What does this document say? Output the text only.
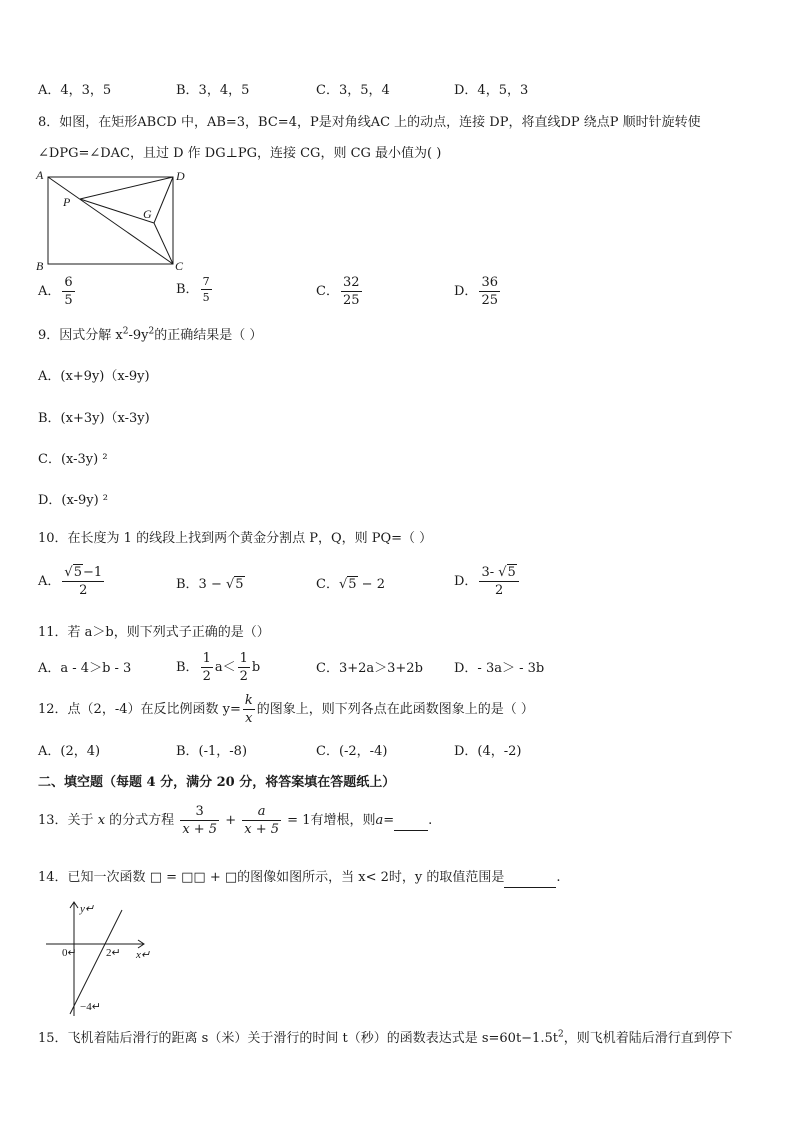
A．4，3，5	B．3，4，5	C．3，5，4	D．4，5，3
8．如图，在矩形ABCD 中，AB=3，BC=4，P是对角线AC 上的动点，连接 DP，将直线DP 绕点P 顺时针旋转使
∠DPG=∠DAC，且过 D 作 DG⊥PG，连接 CG，则 CG 最小值为( )
A	D
B	C
P
G
A． $\frac{6}{5}$	B． $\frac{7}{5}$	C． $\frac{32}{25}$	D． $\frac{36}{25}$
9．因式分解 $x^2-9y^2$的正确结果是（ ）
A．(x+9y)（x-9y)
B．(x+3y)（x-3y)
C．(x-3y) ²
D．(x-9y) ²
10．在长度为 1 的线段上找到两个黄金分割点 P，Q，则 PQ=（ ）
A． $\frac{√5-1}{2}$	B．3 − √5	C．√5 − 2	D． $\frac{3- √5}{2}$
11．若 a＞b，则下列式子正确的是（）
A．a - 4＞b - 3	B． $\frac{1}{2} a< \frac{1}{2}$ b	C．3+2a＞3+2b D．- 3a＞ - 3b
12．点（2，-4）在反比例函数 $y= \frac{k}{x}$ 的图象上，则下列各点在此函数图象上的是（ ）
A．(2，4)	B．(-1，-8)	C．(-2，-4)	D．(4，-2)
二、填空题（每题 4 分，满分 20 分，将答案填在答题纸上）
13．关于 x 的分式方程 $\frac{3}{x + 5} + \frac{a}{x + 5} = 1$有增根，则a=	.
14．已知一次函数 □ = □□ + □的图像如图所示，当 x< 2时，y 的取值范围是	.
y↵
x↵
0↵	2↵
−4↵
15．飞机着陆后滑行的距离 s（米）关于滑行的时间 t（秒）的函数表达式是 $s=60t-1.5t^2$，则飞机着陆后滑行直到停下
